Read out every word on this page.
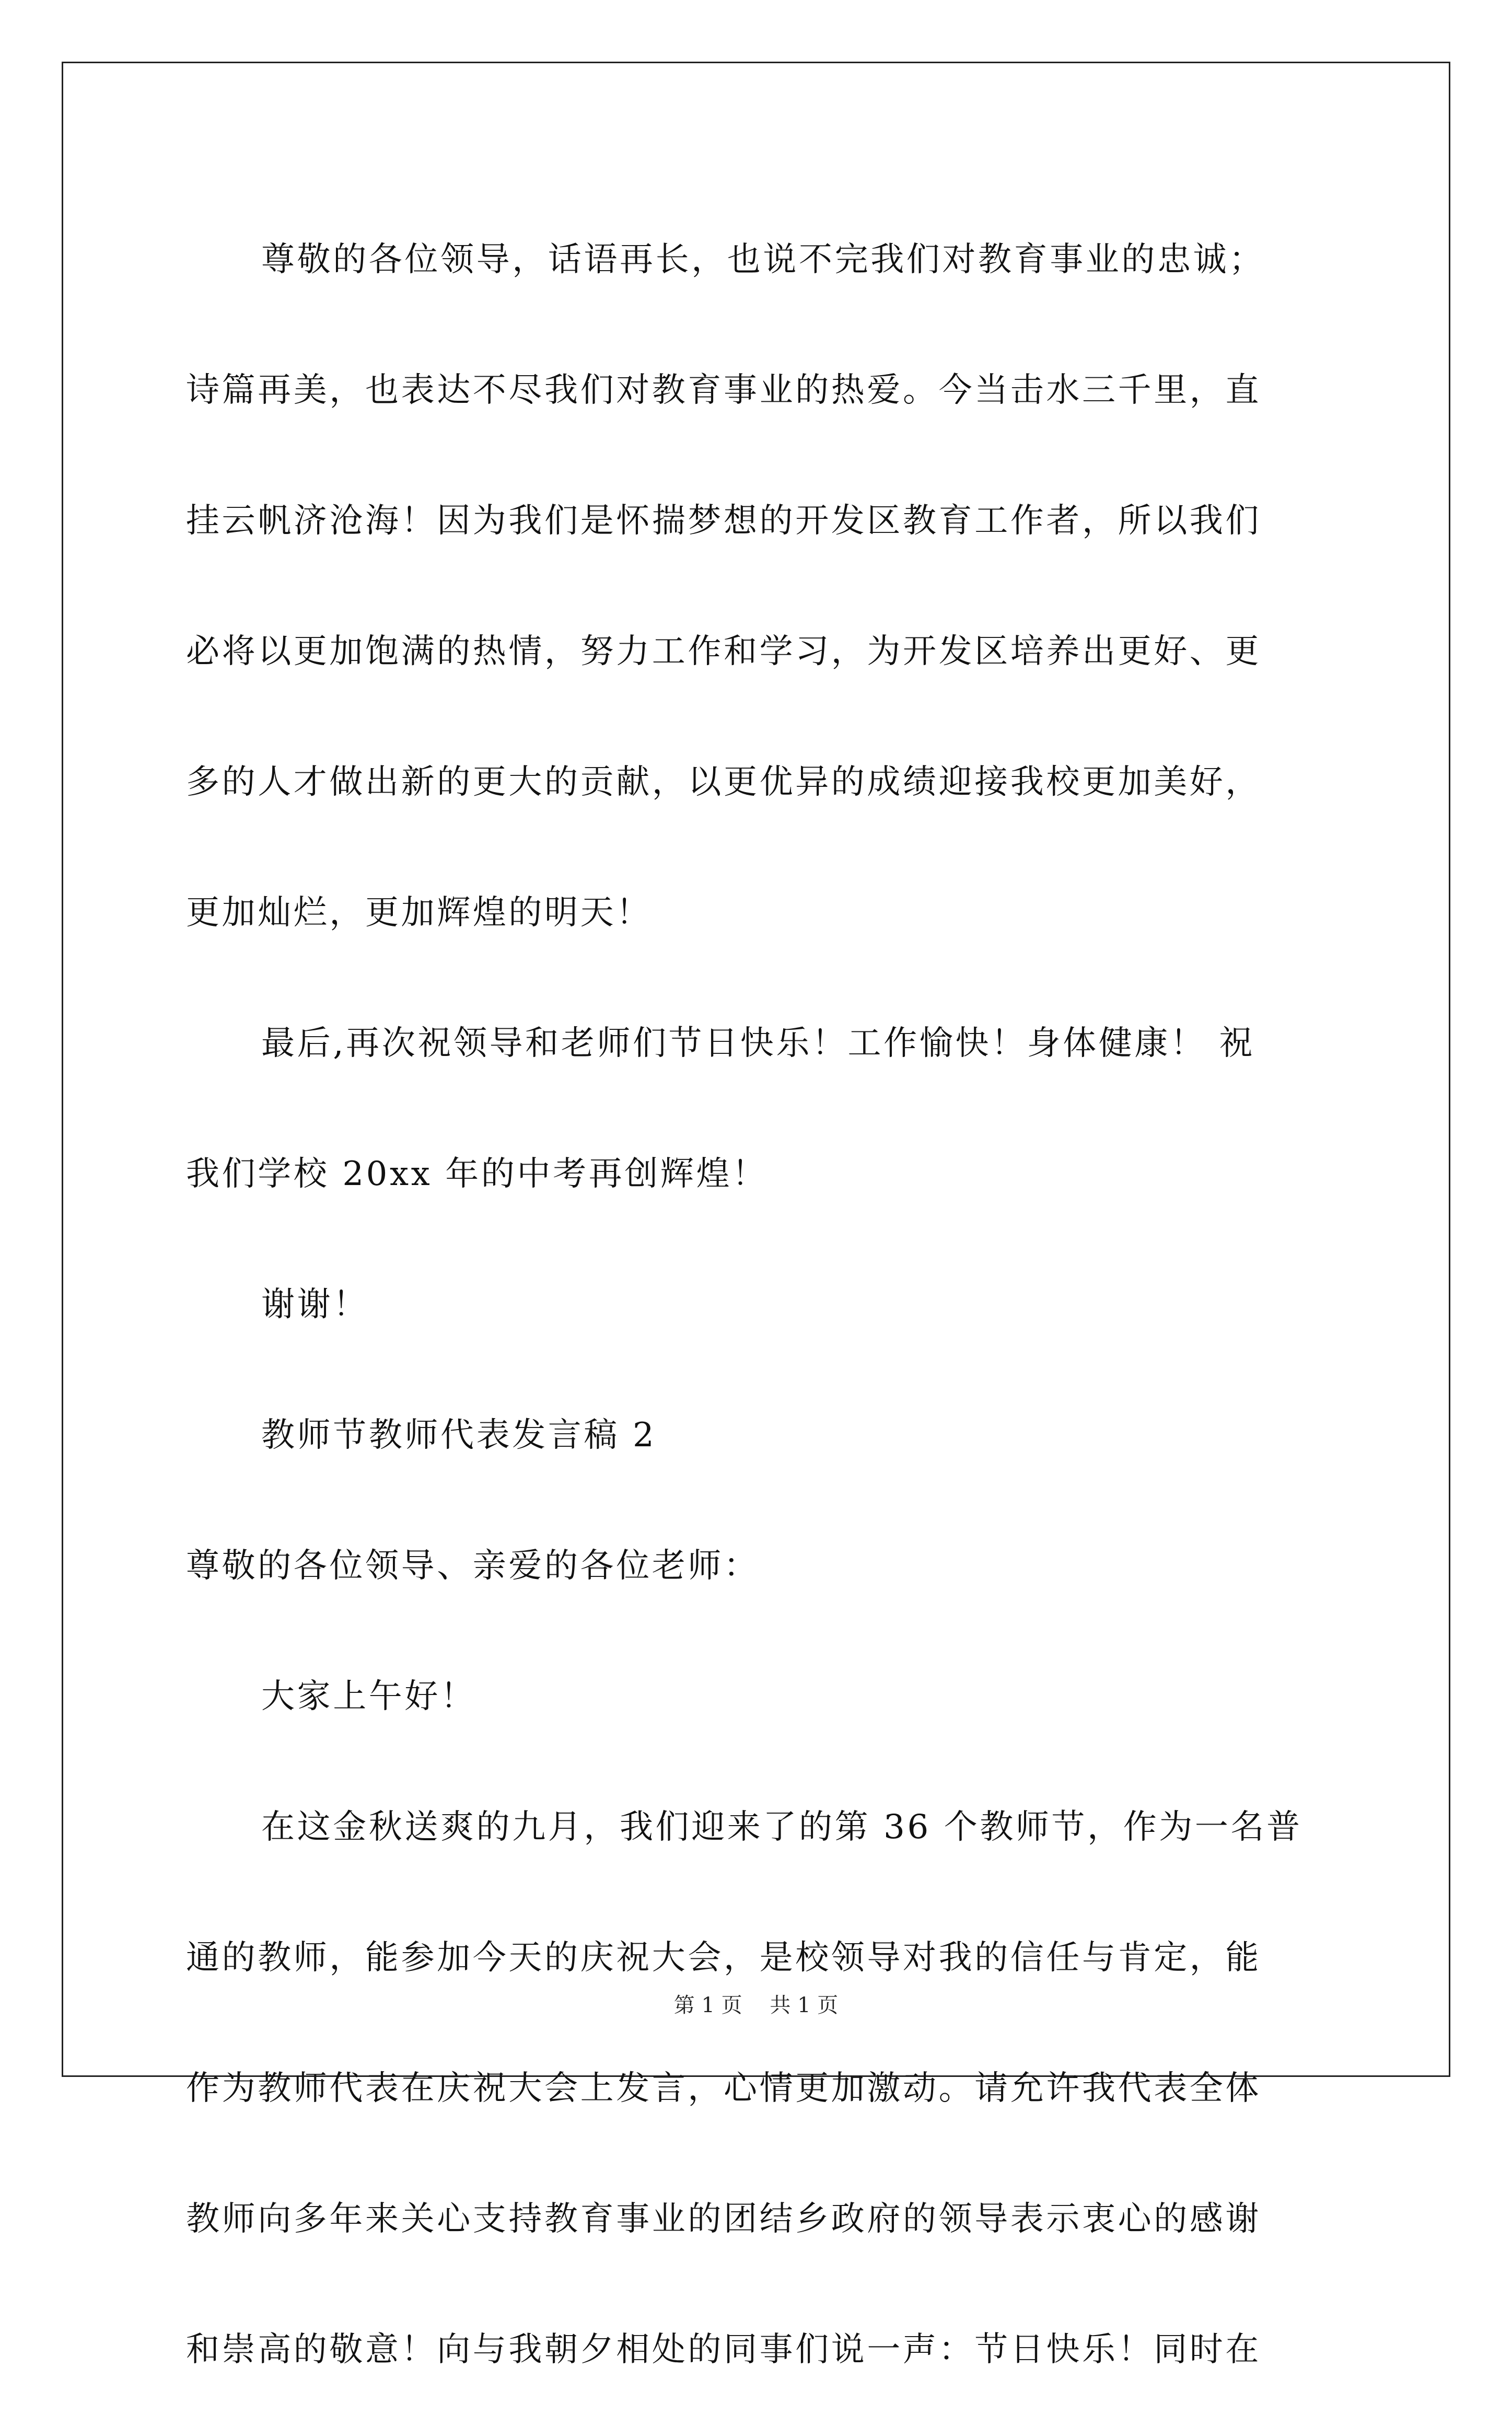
尊敬的各位领导，话语再长，也说不完我们对教育事业的忠诚；
诗篇再美，也表达不尽我们对教育事业的热爱。今当击水三千里，直
挂云帆济沧海！因为我们是怀揣梦想的开发区教育工作者，所以我们
必将以更加饱满的热情，努力工作和学习，为开发区培养出更好、更
多的人才做出新的更大的贡献，以更优异的成绩迎接我校更加美好，
更加灿烂，更加辉煌的明天！
最后,再次祝领导和老师们节日快乐！工作愉快！身体健康！ 祝
我们学校 20xx 年的中考再创辉煌！
谢谢！
教师节教师代表发言稿 2
尊敬的各位领导、亲爱的各位老师：
大家上午好！
在这金秋送爽的九月，我们迎来了的第 36 个教师节，作为一名普
通的教师，能参加今天的庆祝大会，是校领导对我的信任与肯定，能
作为教师代表在庆祝大会上发言，心情更加激动。请允许我代表全体
教师向多年来关心支持教育事业的团结乡政府的领导表示衷心的感谢
和崇高的敬意！向与我朝夕相处的同事们说一声：节日快乐！同时在
第 1 页 共 1 页
